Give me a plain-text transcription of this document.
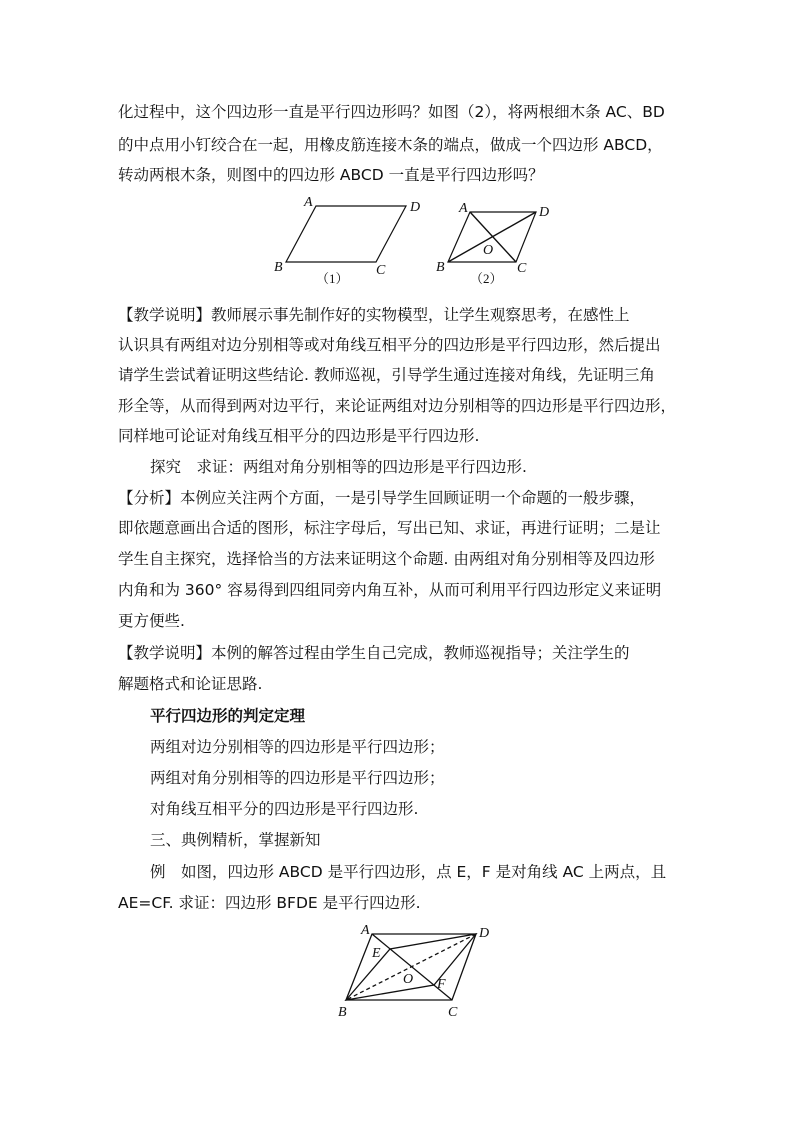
化过程中，这个四边形一直是平行四边形吗？如图（2），将两根细木条 AC、BD
的中点用小钉绞合在一起，用橡皮筋连接木条的端点，做成一个四边形 ABCD，
转动两根木条，则图中的四边形 ABCD 一直是平行四边形吗？
A	D
B	C
（1）
A	D
B	C
O
（2）
【教学说明】教师展示事先制作好的实物模型，让学生观察思考，在感性上
认识具有两组对边分别相等或对角线互相平分的四边形是平行四边形，然后提出
请学生尝试着证明这些结论. 教师巡视，引导学生通过连接对角线，先证明三角
形全等，从而得到两对边平行，来论证两组对边分别相等的四边形是平行四边形，
同样地可论证对角线互相平分的四边形是平行四边形.
探究　求证：两组对角分别相等的四边形是平行四边形.
【分析】本例应关注两个方面，一是引导学生回顾证明一个命题的一般步骤，
即依题意画出合适的图形，标注字母后，写出已知、求证，再进行证明；二是让
学生自主探究，选择恰当的方法来证明这个命题. 由两组对角分别相等及四边形
内角和为 360° 容易得到四组同旁内角互补，从而可利用平行四边形定义来证明
更方便些.
【教学说明】本例的解答过程由学生自己完成，教师巡视指导；关注学生的
解题格式和论证思路.
平行四边形的判定定理
两组对边分别相等的四边形是平行四边形；
两组对角分别相等的四边形是平行四边形；
对角线互相平分的四边形是平行四边形.
三、典例精析，掌握新知
例　如图，四边形 ABCD 是平行四边形，点 E，F 是对角线 AC 上两点，且
AE=CF. 求证：四边形 BFDE 是平行四边形.
A	D
E
O F
B	C
